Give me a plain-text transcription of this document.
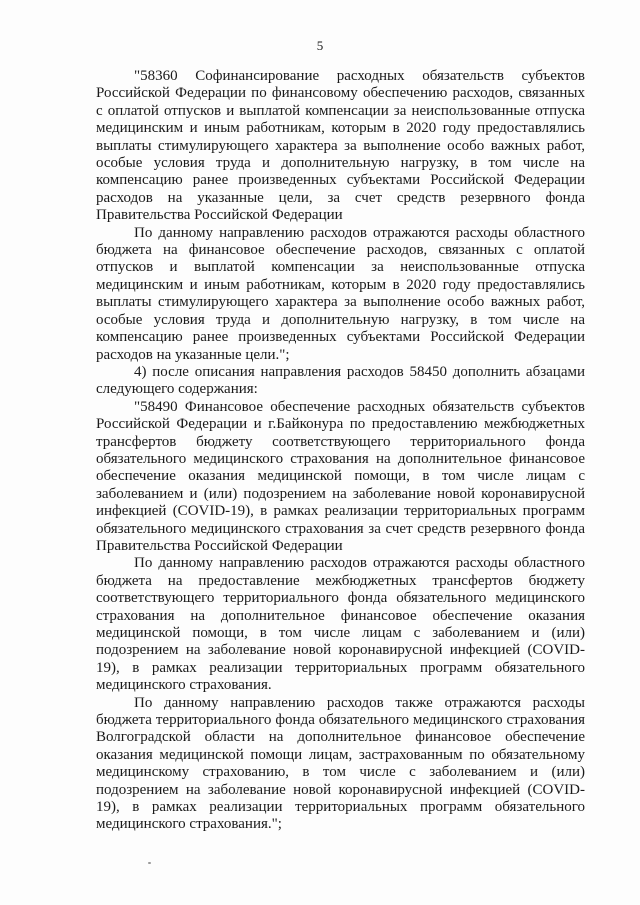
5

"58360 Софинансирование расходных обязательств субъектов Российской Федерации по финансовому обеспечению расходов, связанных с оплатой отпусков и выплатой компенсации за неиспользованные отпуска медицинским и иным работникам, которым в 2020 году предоставлялись выплаты стимулирующего характера за выполнение особо важных работ, особые условия труда и дополнительную нагрузку, в том числе на компенсацию ранее произведенных субъектами Российской Федерации расходов на указанные цели, за счет средств резервного фонда Правительства Российской Федерации

По данному направлению расходов отражаются расходы областного бюджета на финансовое обеспечение расходов, связанных с оплатой отпусков и выплатой компенсации за неиспользованные отпуска медицинским и иным работникам, которым в 2020 году предоставлялись выплаты стимулирующего характера за выполнение особо важных работ, особые условия труда и дополнительную нагрузку, в том числе на компенсацию ранее произведенных субъектами Российской Федерации расходов на указанные цели.";

4) после описания направления расходов 58450 дополнить абзацами следующего содержания:

"58490 Финансовое обеспечение расходных обязательств субъектов Российской Федерации и г.Байконура по предоставлению межбюджетных трансфертов бюджету соответствующего территориального фонда обязательного медицинского страхования на дополнительное финансовое обеспечение оказания медицинской помощи, в том числе лицам с заболеванием и (или) подозрением на заболевание новой коронавирусной инфекцией (COVID-19), в рамках реализации территориальных программ обязательного медицинского страхования за счет средств резервного фонда Правительства Российской Федерации

По данному направлению расходов отражаются расходы областного бюджета на предоставление межбюджетных трансфертов бюджету соответствующего территориального фонда обязательного медицинского страхования на дополнительное финансовое обеспечение оказания медицинской помощи, в том числе лицам с заболеванием и (или) подозрением на заболевание новой коронавирусной инфекцией (COVID-19), в рамках реализации территориальных программ обязательного медицинского страхования.

По данному направлению расходов также отражаются расходы бюджета территориального фонда обязательного медицинского страхования Волгоградской области на дополнительное финансовое обеспечение оказания медицинской помощи лицам, застрахованным по обязательному медицинскому страхованию, в том числе с заболеванием и (или) подозрением на заболевание новой коронавирусной инфекцией (COVID-19), в рамках реализации территориальных программ обязательного медицинского страхования.";
